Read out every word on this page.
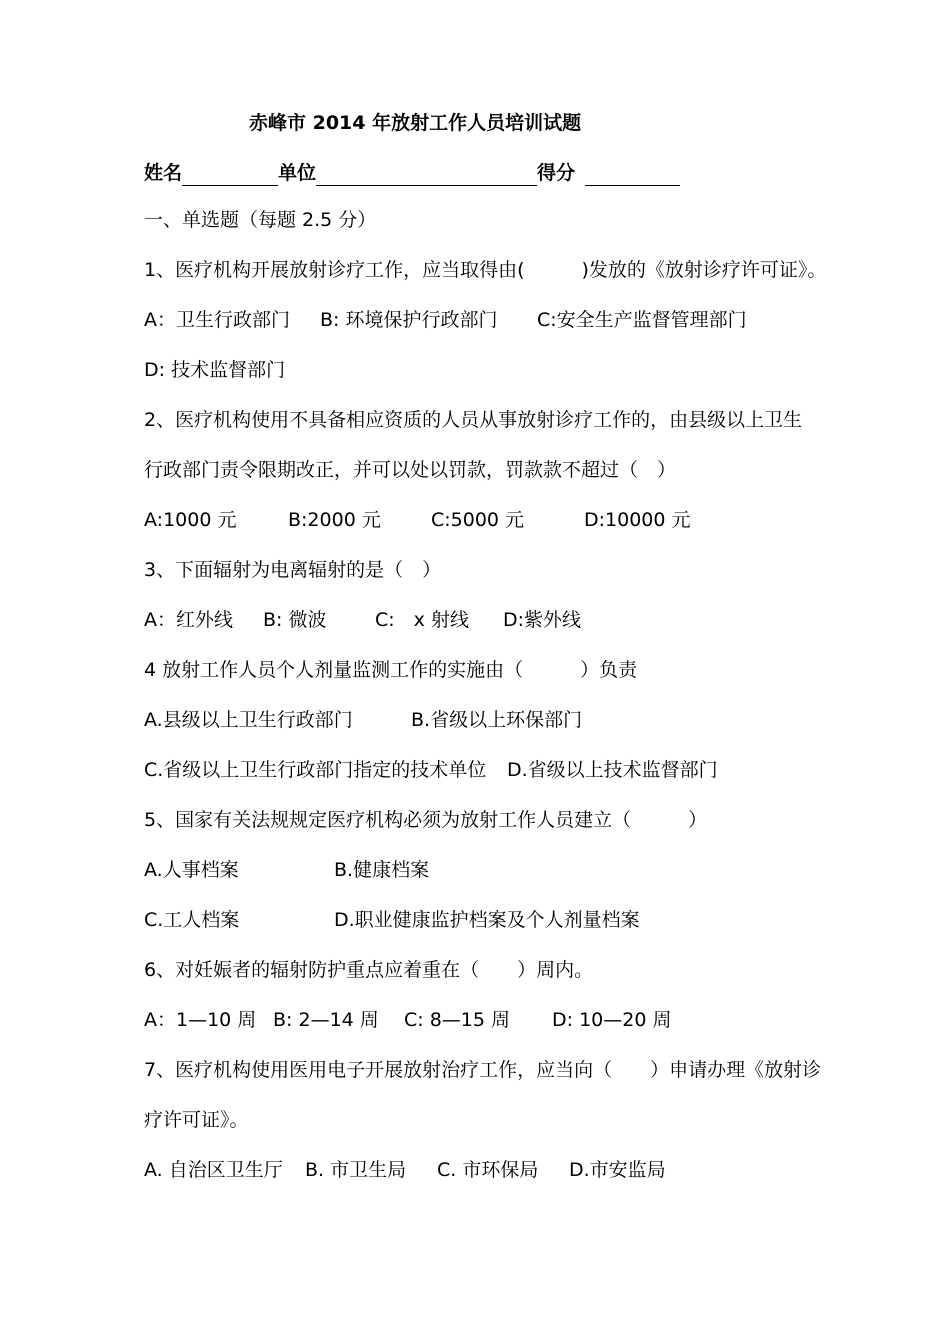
赤峰市 2014 年放射工作人员培训试题
姓名	单位	得分
一、单选题（每题 2.5 分）
1、医疗机构开展放射诊疗工作，应当取得由(　　　)发放的《放射诊疗许可证》。
A：卫生行政部门 B: 环境保护行政部门 C:安全生产监督管理部门
D: 技术监督部门
2、医疗机构使用不具备相应资质的人员从事放射诊疗工作的，由县级以上卫生
行政部门责令限期改正，并可以处以罚款，罚款款不超过（　）
A:1000 元	B:2000 元	C:5000 元	D:10000 元
3、下面辐射为电离辐射的是（　）
A：红外线 B: 微波	C:　x 射线 D:紫外线
4 放射工作人员个人剂量监测工作的实施由（　　　）负责
A.县级以上卫生行政部门	B.省级以上环保部门
C.省级以上卫生行政部门指定的技术单位 D.省级以上技术监督部门
5、国家有关法规规定医疗机构必须为放射工作人员建立（　　　）
A.人事档案	B.健康档案
C.工人档案	D.职业健康监护档案及个人剂量档案
6、对妊娠者的辐射防护重点应着重在（　　）周内。
A：1—10 周 B: 2—14 周 C: 8—15 周 D: 10—20 周
7、医疗机构使用医用电子开展放射治疗工作，应当向（　　）申请办理《放射诊
疗许可证》。
A. 自治区卫生厅 B. 市卫生局 C. 市环保局 D.市安监局
